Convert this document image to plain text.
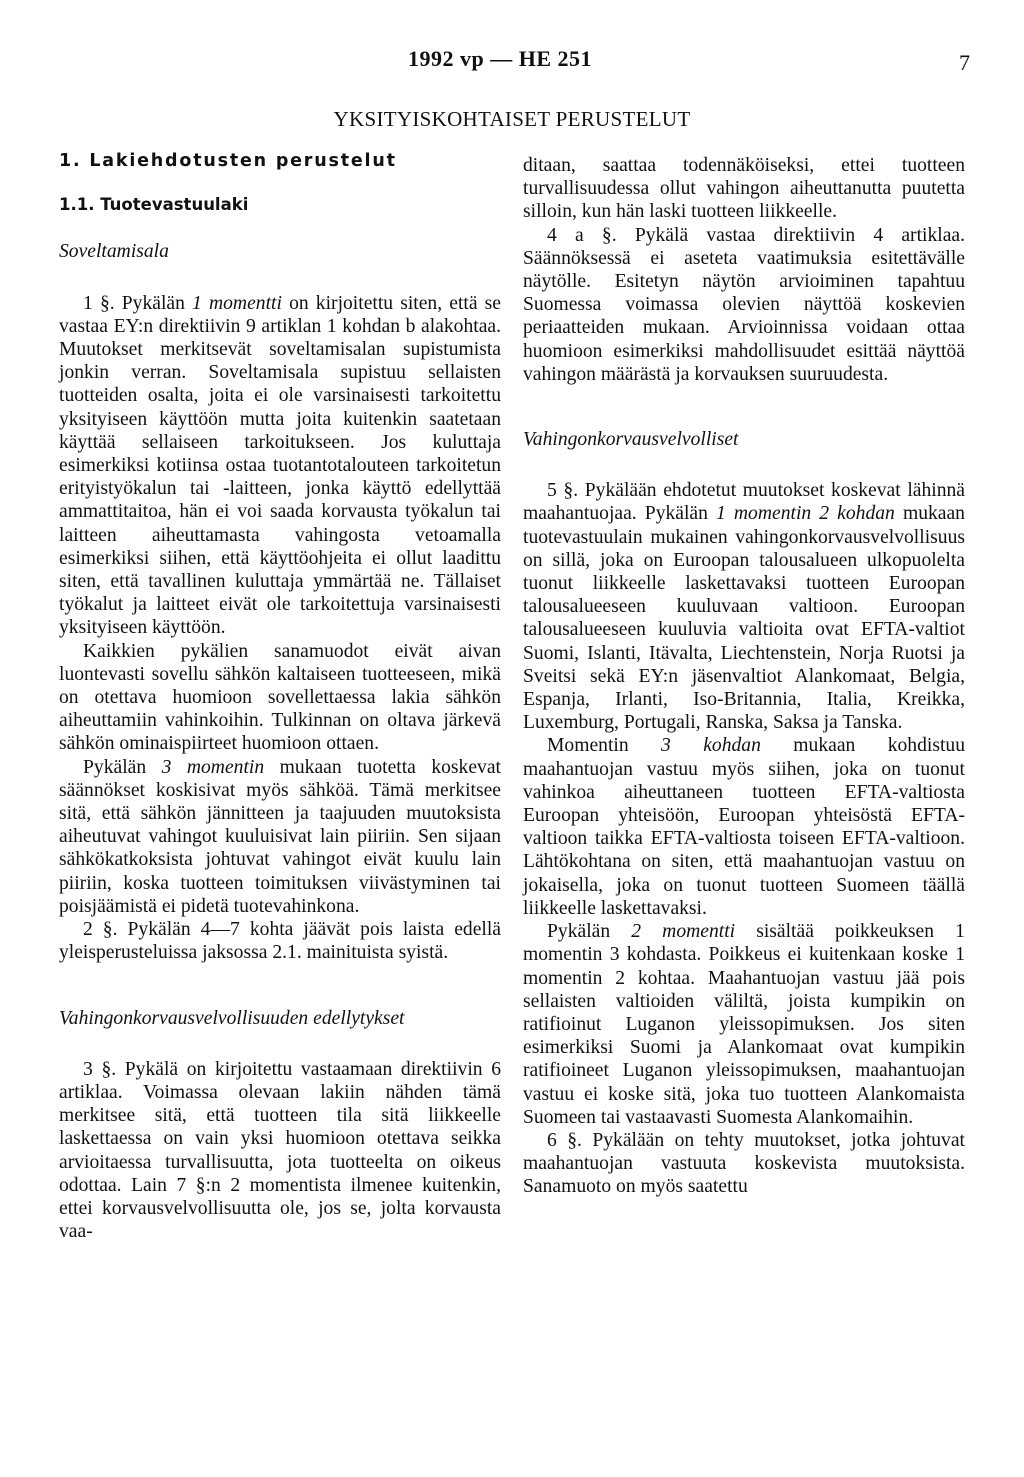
1992 vp — HE 251	7
YKSITYISKOHTAISET PERUSTELUT
1. Lakiehdotusten perustelut
1.1. Tuotevastuulaki
Soveltamisala

1 §. Pykälän 1 momentti on kirjoitettu siten, että se vastaa EY:n direktiivin 9 artiklan 1 kohdan b alakohtaa. Muutokset merkitsevät soveltamisalan supistumista jonkin verran. Soveltamisala supistuu sellaisten tuotteiden osalta, joita ei ole varsinaisesti tarkoitettu yksityiseen käyttöön mutta joita kuitenkin saatetaan käyttää sellaiseen tarkoitukseen. Jos kuluttaja esimerkiksi kotiinsa ostaa tuotantotalouteen tarkoitetun erityistyökalun tai -laitteen, jonka käyttö edellyttää ammattitaitoa, hän ei voi saada korvausta työkalun tai laitteen aiheuttamasta vahingosta vetoamalla esimerkiksi siihen, että käyttöohjeita ei ollut laadittu siten, että tavallinen kuluttaja ymmärtää ne. Tällaiset työkalut ja laitteet eivät ole tarkoitettuja varsinaisesti yksityiseen käyttöön.

Kaikkien pykälien sanamuodot eivät aivan luontevasti sovellu sähkön kaltaiseen tuotteeseen, mikä on otettava huomioon sovellettaessa lakia sähkön aiheuttamiin vahinkoihin. Tulkinnan on oltava järkevä sähkön ominaispiirteet huomioon ottaen.

Pykälän 3 momentin mukaan tuotetta koskevat säännökset koskisivat myös sähköä. Tämä merkitsee sitä, että sähkön jännitteen ja taajuuden muutoksista aiheutuvat vahingot kuuluisivat lain piiriin. Sen sijaan sähkökatkoksista johtuvat vahingot eivät kuulu lain piiriin, koska tuotteen toimituksen viivästyminen tai poisjäämistä ei pidetä tuotevahinkona.

2 §. Pykälän 4—7 kohta jäävät pois laista edellä yleisperusteluissa jaksossa 2.1. mainituista syistä.

Vahingonkorvausvelvollisuuden edellytykset

3 §. Pykälä on kirjoitettu vastaamaan direktiivin 6 artiklaa. Voimassa olevaan lakiin nähden tämä merkitsee sitä, että tuotteen tila sitä liikkeelle laskettaessa on vain yksi huomioon otettava seikka arvioitaessa turvallisuutta, jota tuotteelta on oikeus odottaa. Lain 7 §:n 2 momentista ilmenee kuitenkin, ettei korvausvelvollisuutta ole, jos se, jolta korvausta vaa-

ditaan, saattaa todennäköiseksi, ettei tuotteen turvallisuudessa ollut vahingon aiheuttanutta puutetta silloin, kun hän laski tuotteen liikkeelle.

4 a §. Pykälä vastaa direktiivin 4 artiklaa. Säännöksessä ei aseteta vaatimuksia esitettävälle näytölle. Esitetyn näytön arvioiminen tapahtuu Suomessa voimassa olevien näyttöä koskevien periaatteiden mukaan. Arvioinnissa voidaan ottaa huomioon esimerkiksi mahdollisuudet esittää näyttöä vahingon määrästä ja korvauksen suuruudesta.

Vahingonkorvausvelvolliset

5 §. Pykälään ehdotetut muutokset koskevat lähinnä maahantuojaa. Pykälän 1 momentin 2 kohdan mukaan tuotevastuulain mukainen vahingonkorvausvelvollisuus on sillä, joka on Euroopan talousalueen ulkopuolelta tuonut liikkeelle laskettavaksi tuotteen Euroopan talousalueeseen kuuluvaan valtioon. Euroopan talousalueeseen kuuluvia valtioita ovat EFTA-valtiot Suomi, Islanti, Itävalta, Liechtenstein, Norja Ruotsi ja Sveitsi sekä EY:n jäsenvaltiot Alankomaat, Belgia, Espanja, Irlanti, Iso-Britannia, Italia, Kreikka, Luxemburg, Portugali, Ranska, Saksa ja Tanska.

Momentin 3 kohdan mukaan kohdistuu maahantuojan vastuu myös siihen, joka on tuonut vahinkoa aiheuttaneen tuotteen EFTA-valtiosta Euroopan yhteisöön, Euroopan yhteisöstä EFTA-valtioon taikka EFTA-valtiosta toiseen EFTA-valtioon. Lähtökohtana on siten, että maahantuojan vastuu on jokaisella, joka on tuonut tuotteen Suomeen täällä liikkeelle laskettavaksi.

Pykälän 2 momentti sisältää poikkeuksen 1 momentin 3 kohdasta. Poikkeus ei kuitenkaan koske 1 momentin 2 kohtaa. Maahantuojan vastuu jää pois sellaisten valtioiden väliltä, joista kumpikin on ratifioinut Luganon yleissopimuksen. Jos siten esimerkiksi Suomi ja Alankomaat ovat kumpikin ratifioineet Luganon yleissopimuksen, maahantuojan vastuu ei koske sitä, joka tuo tuotteen Alankomaista Suomeen tai vastaavasti Suomesta Alankomaihin.

6 §. Pykälään on tehty muutokset, jotka johtuvat maahantuojan vastuuta koskevista muutoksista. Sanamuoto on myös saatettu
